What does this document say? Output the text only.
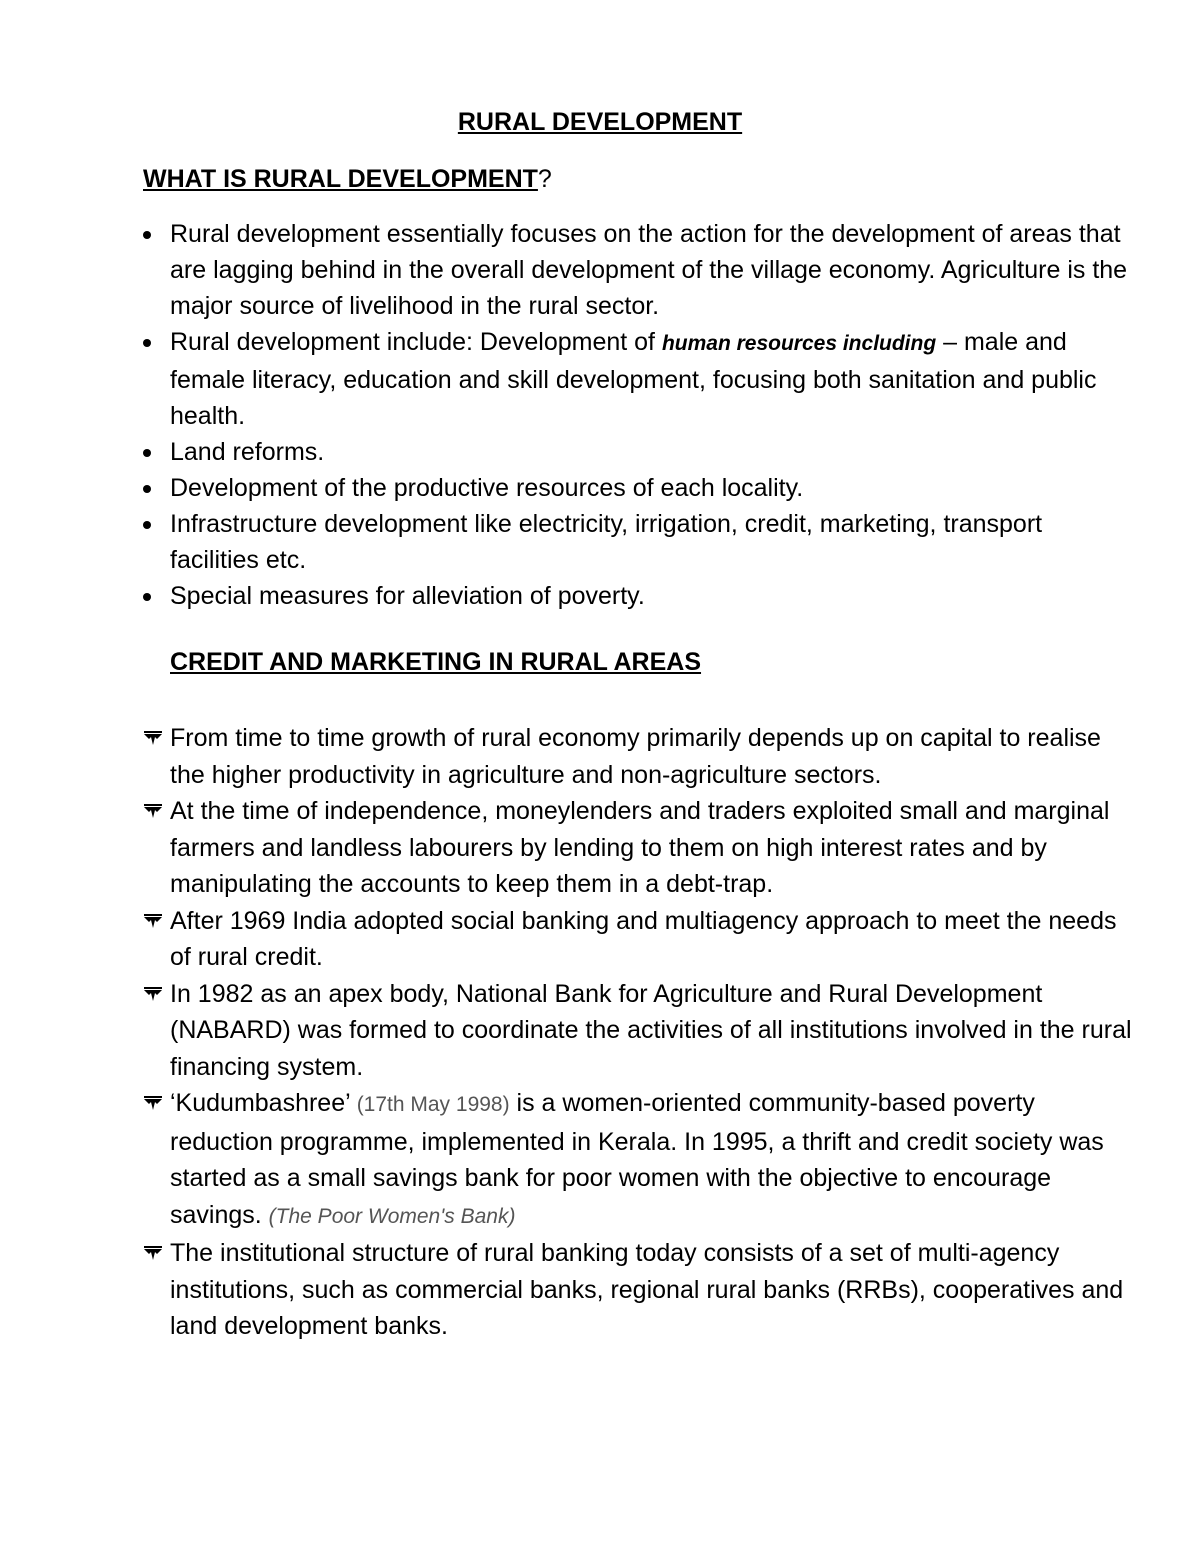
RURAL DEVELOPMENT
WHAT IS RURAL DEVELOPMENT?
Rural development essentially focuses on the action for the development of areas that are lagging behind in the overall development of the village economy. Agriculture is the major source of livelihood in the rural sector.
Rural development include: Development of human resources including – male and female literacy, education and skill development, focusing both sanitation and public health.
Land reforms.
Development of the productive resources of each locality.
Infrastructure development like electricity, irrigation, credit, marketing, transport facilities etc.
Special measures for alleviation of poverty.
CREDIT AND MARKETING IN RURAL AREAS
From time to time growth of rural economy primarily depends up on capital to realise the higher productivity in agriculture and non-agriculture sectors.
At the time of independence, moneylenders and traders exploited small and marginal farmers and landless labourers by lending to them on high interest rates and by manipulating the accounts to keep them in a debt-trap.
After 1969 India adopted social banking and multiagency approach to meet the needs of rural credit.
In 1982 as an apex body, National Bank for Agriculture and Rural Development (NABARD) was formed to coordinate the activities of all institutions involved in the rural financing system.
‘Kudumbashree’ (17th May 1998) is a women-oriented community-based poverty reduction programme, implemented in Kerala. In 1995, a thrift and credit society was started as a small savings bank for poor women with the objective to encourage savings. (The Poor Women's Bank)
The institutional structure of rural banking today consists of a set of multi-agency institutions, such as commercial banks, regional rural banks (RRBs), cooperatives and land development banks.
